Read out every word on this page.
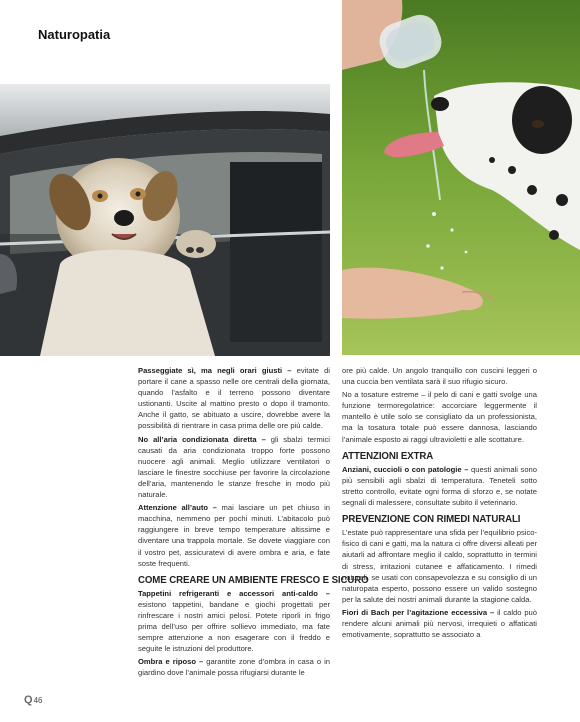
Naturopatia

Passeggiate sì, ma negli orari giusti – evitate di portare il cane a spasso nelle ore centrali della giornata, quando l’asfalto e il terreno possono diventare ustionanti. Uscite al mattino presto o dopo il tramonto. Anche il gatto, se abituato a uscire, dovrebbe avere la possibilità di rientrare in casa prima delle ore più calde.

No all’aria condizionata diretta – gli sbalzi termici causati da aria condizionata troppo forte possono nuocere agli animali. Meglio utilizzare ventilatori o lasciare le finestre socchiuse per favorire la circolazione dell’aria, mantenendo le stanze fresche in modo più naturale.

Attenzione all’auto – mai lasciare un pet chiuso in macchina, nemmeno per pochi minuti. L’abitacolo può raggiungere in breve tempo temperature altissime e diventare una trappola mortale. Se dovete viaggiare con il vostro pet, assicuratevi di avere ombra e aria, e fate soste frequenti.

COME CREARE UN AMBIENTE FRESCO E SICURO

Tappetini refrigeranti e accessori anti-caldo – esistono tappetini, bandane e giochi progettati per rinfrescare i nostri amici pelosi. Potete riporli in frigo prima dell’uso per offrire sollievo immediato, ma fate sempre attenzione a non esagerare con il freddo e seguite le istruzioni del produttore.

Ombra e riposo – garantite zone d’ombra in casa o in giardino dove l’animale possa rifugiarsi durante le

ore più calde. Un angolo tranquillo con cuscini leggeri o una cuccia ben ventilata sarà il suo rifugio sicuro.

No a tosature estreme – il pelo di cani e gatti svolge una funzione termoregolatrice: accorciare leggermente il mantello è utile solo se consigliato da un professionista, ma la tosatura totale può essere dannosa, lasciando l’animale esposto ai raggi ultravioletti e alle scottature.

ATTENZIONI EXTRA

Anziani, cuccioli o con patologie – questi animali sono più sensibili agli sbalzi di temperatura. Teneteli sotto stretto controllo, evitate ogni forma di sforzo e, se notate segnali di malessere, consultate subito il veterinario.

PREVENZIONE CON RIMEDI NATURALI

L’estate può rappresentare una sfida per l’equilibrio psico-fisico di cani e gatti, ma la natura ci offre diversi alleati per aiutarli ad affrontare meglio il caldo, soprattutto in termini di stress, irritazioni cutanee e affaticamento. I rimedi naturali, se usati con consapevolezza e su consiglio di un naturopata esperto, possono essere un valido sostegno per la salute dei nostri animali durante la stagione calda.

Fiori di Bach per l’agitazione eccessiva – il caldo può rendere alcuni animali più nervosi, irrequieti o affaticati emotivamente, soprattutto se associato a

Q 46
